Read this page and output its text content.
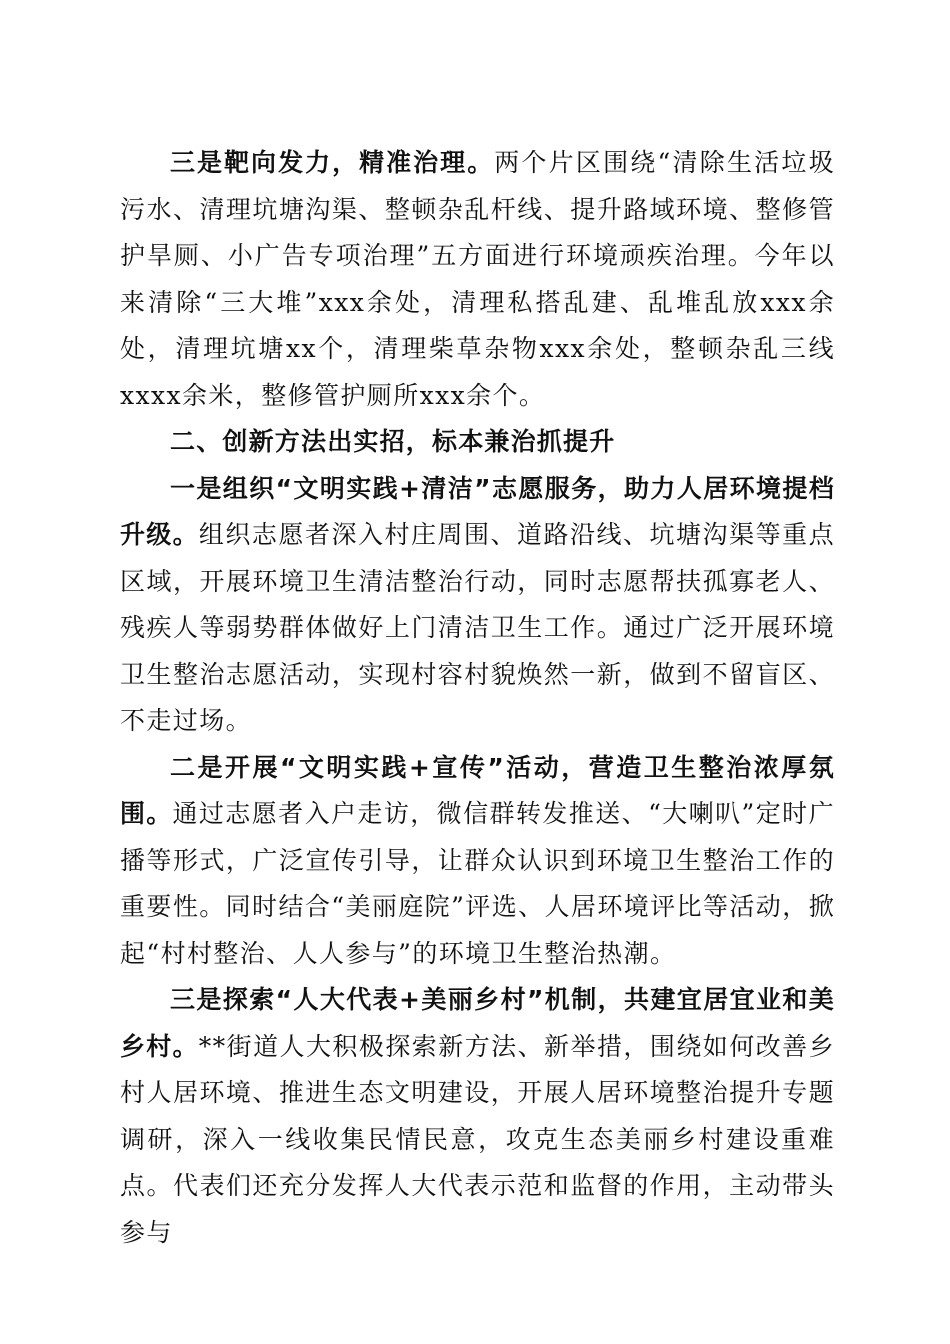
三是靶向发力，精准治理。两个片区围绕“清除生活垃圾污水、清理坑塘沟渠、整顿杂乱杆线、提升路域环境、整修管护旱厕、小广告专项治理”五方面进行环境顽疾治理。今年以来清除“三大堆”xxx余处，清理私搭乱建、乱堆乱放xxx余处，清理坑塘xx个，清理柴草杂物xxx余处，整顿杂乱三线xxxx余米，整修管护厕所xxx余个。

二、创新方法出实招，标本兼治抓提升

一是组织“文明实践+清洁”志愿服务，助力人居环境提档升级。组织志愿者深入村庄周围、道路沿线、坑塘沟渠等重点区域，开展环境卫生清洁整治行动，同时志愿帮扶孤寡老人、残疾人等弱势群体做好上门清洁卫生工作。通过广泛开展环境卫生整治志愿活动，实现村容村貌焕然一新，做到不留盲区、不走过场。

二是开展“文明实践+宣传”活动，营造卫生整治浓厚氛围。通过志愿者入户走访，微信群转发推送、“大喇叭”定时广播等形式，广泛宣传引导，让群众认识到环境卫生整治工作的重要性。同时结合“美丽庭院”评选、人居环境评比等活动，掀起“村村整治、人人参与”的环境卫生整治热潮。

三是探索“人大代表+美丽乡村”机制，共建宜居宜业和美乡村。**街道人大积极探索新方法、新举措，围绕如何改善乡村人居环境、推进生态文明建设，开展人居环境整治提升专题调研，深入一线收集民情民意，攻克生态美丽乡村建设重难点。代表们还充分发挥人大代表示范和监督的作用，主动带头参与
